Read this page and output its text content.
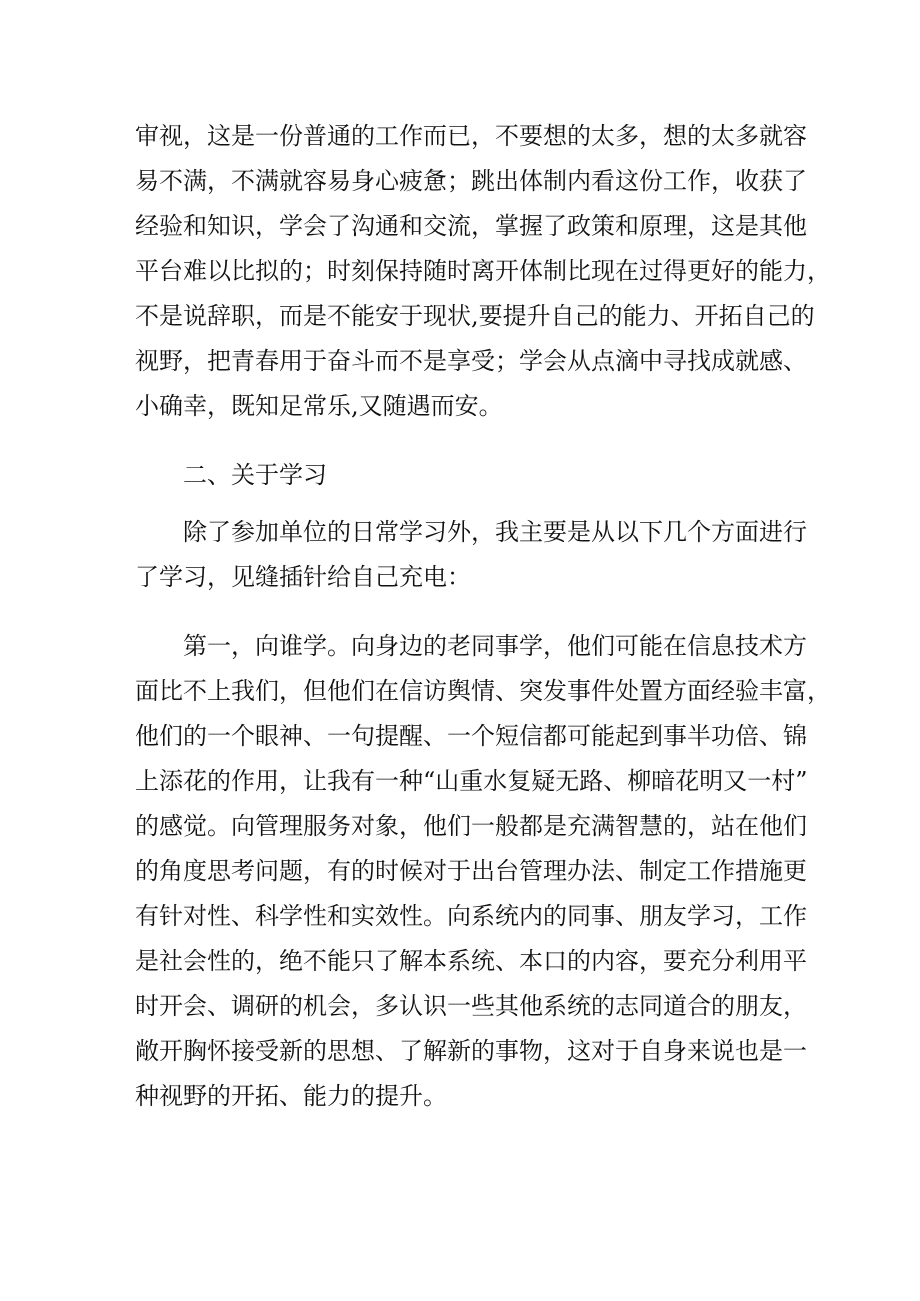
审视，这是一份普通的工作而已，不要想的太多，想的太多就容
易不满，不满就容易身心疲惫；跳出体制内看这份工作，收获了
经验和知识，学会了沟通和交流，掌握了政策和原理，这是其他
平台难以比拟的；时刻保持随时离开体制比现在过得更好的能力，
不是说辞职，而是不能安于现状,要提升自己的能力、开拓自己的
视野，把青春用于奋斗而不是享受；学会从点滴中寻找成就感、
小确幸，既知足常乐,又随遇而安。
二、关于学习
除了参加单位的日常学习外，我主要是从以下几个方面进行
了学习，见缝插针给自己充电：
第一，向谁学。向身边的老同事学，他们可能在信息技术方
面比不上我们，但他们在信访舆情、突发事件处置方面经验丰富，
他们的一个眼神、一句提醒、一个短信都可能起到事半功倍、锦
上添花的作用，让我有一种“山重水复疑无路、柳暗花明又一村”
的感觉。向管理服务对象，他们一般都是充满智慧的，站在他们
的角度思考问题，有的时候对于出台管理办法、制定工作措施更
有针对性、科学性和实效性。向系统内的同事、朋友学习，工作
是社会性的，绝不能只了解本系统、本口的内容，要充分利用平
时开会、调研的机会，多认识一些其他系统的志同道合的朋友，
敞开胸怀接受新的思想、了解新的事物，这对于自身来说也是一
种视野的开拓、能力的提升。
